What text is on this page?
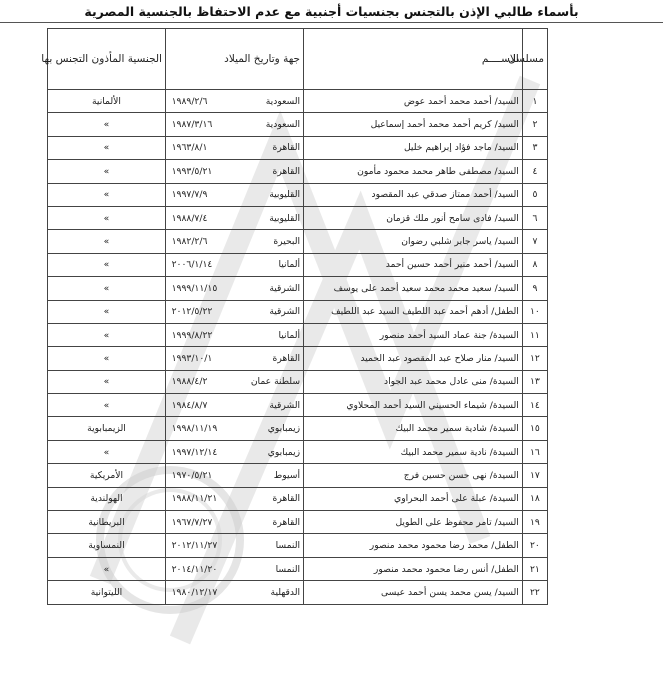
بأسماء طالبي الإذن بالتجنس بجنسيات أجنبية مع عدم الاحتفاظ بالجنسية المصرية
مسلسل	الاســــم	جهة وتاريخ الميلاد	الجنسية المأذون التجنس بها
١	السيد/ أحمد محمد أحمد عوض	السعودية١٩٨٩/٢/٦	الألمانية
٢	السيد/ كريم أحمد محمد أحمد إسماعيل	السعودية١٩٨٧/٣/١٦	»
٣	السيد/ ماجد فؤاد إبراهيم خليل	القاهرة١٩٦٣/٨/١	»
٤	السيد/ مصطفى طاهر محمد محمود مأمون	القاهرة١٩٩٣/٥/٢١	»
٥	السيد/ أحمد ممتاز صدقي عبد المقصود	القليوبية١٩٩٧/٧/٩	»
٦	السيد/ فادى سامح أنور ملك قزمان	القليوبية١٩٨٨/٧/٤	»
٧	السيد/ ياسر جابر شلبي رضوان	البحيرة١٩٨٢/٢/٦	»
٨	السيد/ أحمد منير أحمد حسين أحمد	ألمانيا٢٠٠٦/١/١٤	»
٩	السيد/ سعيد محمد محمد سعيد أحمد على يوسف	الشرقية١٩٩٩/١١/١٥	»
١٠	الطفل/ أدهم أحمد عبد اللطيف السيد عبد اللطيف	الشرقية٢٠١٢/٥/٢٢	»
١١	السيدة/ جنة عماد السيد أحمد منصور	ألمانيا١٩٩٩/٨/٢٢	»
١٢	السيد/ منار صلاح عبد المقصود عبد الحميد	القاهرة١٩٩٣/١٠/١	»
١٣	السيدة/ منى عادل محمد عبد الجواد	سلطنة عمان١٩٨٨/٤/٢	»
١٤	السيدة/ شيماء الحسيني السيد أحمد المحلاوي	الشرقية١٩٨٤/٨/٧	»
١٥	السيدة/ شادية سمير محمد البيك	زيمبابوي١٩٩٨/١١/١٩	الزيمبابوية
١٦	السيدة/ نادية سمير محمد البيك	زيمبابوي١٩٩٧/١٢/١٤	»
١٧	السيدة/ نهى حسن حسين فرج	أسيوط١٩٧٠/٥/٢١	الأمريكية
١٨	السيدة/ عبلة على أحمد البحراوي	القاهرة١٩٨٨/١١/٢١	الهولندية
١٩	السيد/ تامر محفوظ على الطويل	القاهرة١٩٦٧/٧/٢٧	البريطانية
٢٠	الطفل/ محمد رضا محمود محمد منصور	النمسا٢٠١٢/١١/٢٧	النمساوية
٢١	الطفل/ أنس رضا محمود محمد منصور	النمسا٢٠١٤/١١/٢٠	»
٢٢	السيد/ يسن محمد يسن أحمد عيسى	الدقهلية١٩٨٠/١٢/١٧	الليتوانية
